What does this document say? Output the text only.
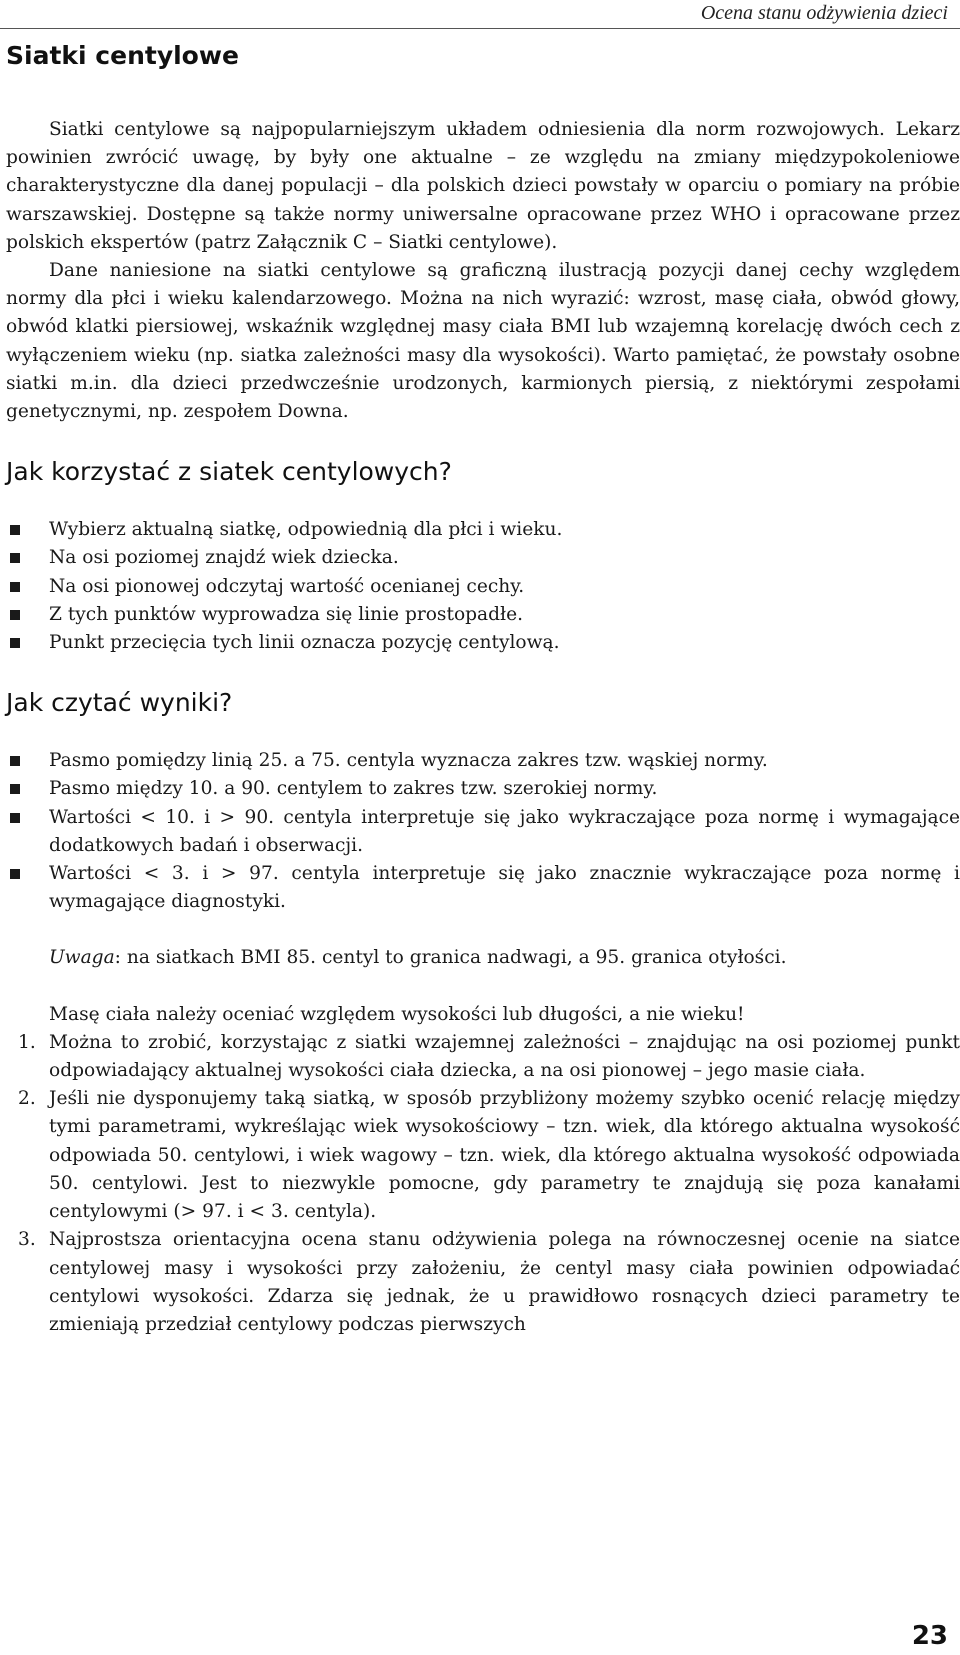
Ocena stanu odżywienia dzieci
Siatki centylowe

Siatki centylowe są najpopularniejszym układem odniesienia dla norm rozwojowych. Lekarz powinien zwrócić uwagę, by były one aktualne – ze względu na zmiany międzypokoleniowe charakterystyczne dla danej populacji – dla polskich dzieci powstały w oparciu o pomiary na próbie warszawskiej. Dostępne są także normy uniwersalne opracowane przez WHO i opracowane przez polskich ekspertów (patrz Załącznik C – Siatki centylowe).

Dane naniesione na siatki centylowe są graficzną ilustracją pozycji danej cechy względem normy dla płci i wieku kalendarzowego. Można na nich wyrazić: wzrost, masę ciała, obwód głowy, obwód klatki piersiowej, wskaźnik względnej masy ciała BMI lub wzajemną korelację dwóch cech z wyłączeniem wieku (np. siatka zależności masy dla wysokości). Warto pamiętać, że powstały osobne siatki m.in. dla dzieci przedwcześnie urodzonych, karmionych piersią, z niektórymi zespołami genetycznymi, np. zespołem Downa.

Jak korzystać z siatek centylowych?
Wybierz aktualną siatkę, odpowiednią dla płci i wieku.
Na osi poziomej znajdź wiek dziecka.
Na osi pionowej odczytaj wartość ocenianej cechy.
Z tych punktów wyprowadza się linie prostopadłe.
Punkt przecięcia tych linii oznacza pozycję centylową.
Jak czytać wyniki?
Pasmo pomiędzy linią 25. a 75. centyla wyznacza zakres tzw. wąskiej normy.
Pasmo między 10. a 90. centylem to zakres tzw. szerokiej normy.
Wartości < 10. i > 90. centyla interpretuje się jako wykraczające poza normę i wymagające dodatkowych badań i obserwacji.
Wartości < 3. i > 97. centyla interpretuje się jako znacznie wykraczające poza normę i wymagające diagnostyki.

Uwaga: na siatkach BMI 85. centyl to granica nadwagi, a 95. granica otyłości.

Masę ciała należy oceniać względem wysokości lub długości, a nie wieku!

1. Można to zrobić, korzystając z siatki wzajemnej zależności – znajdując na osi poziomej punkt odpowiadający aktualnej wysokości ciała dziecka, a na osi pionowej – jego masie ciała.
2. Jeśli nie dysponujemy taką siatką, w sposób przybliżony możemy szybko ocenić relację między tymi parametrami, wykreślając wiek wysokościowy – tzn. wiek, dla którego aktualna wysokość odpowiada 50. centylowi, i wiek wagowy – tzn. wiek, dla którego aktualna wysokość odpowiada 50. centylowi. Jest to niezwykle pomocne, gdy parametry te znajdują się poza kanałami centylowymi (> 97. i < 3. centyla).
3. Najprostsza orientacyjna ocena stanu odżywienia polega na równoczesnej ocenie na siatce centylowej masy i wysokości przy założeniu, że centyl masy ciała powinien odpowiadać centylowi wysokości. Zdarza się jednak, że u prawidłowo rosnących dzieci parametry te zmieniają przedział centylowy podczas pierwszych
23
